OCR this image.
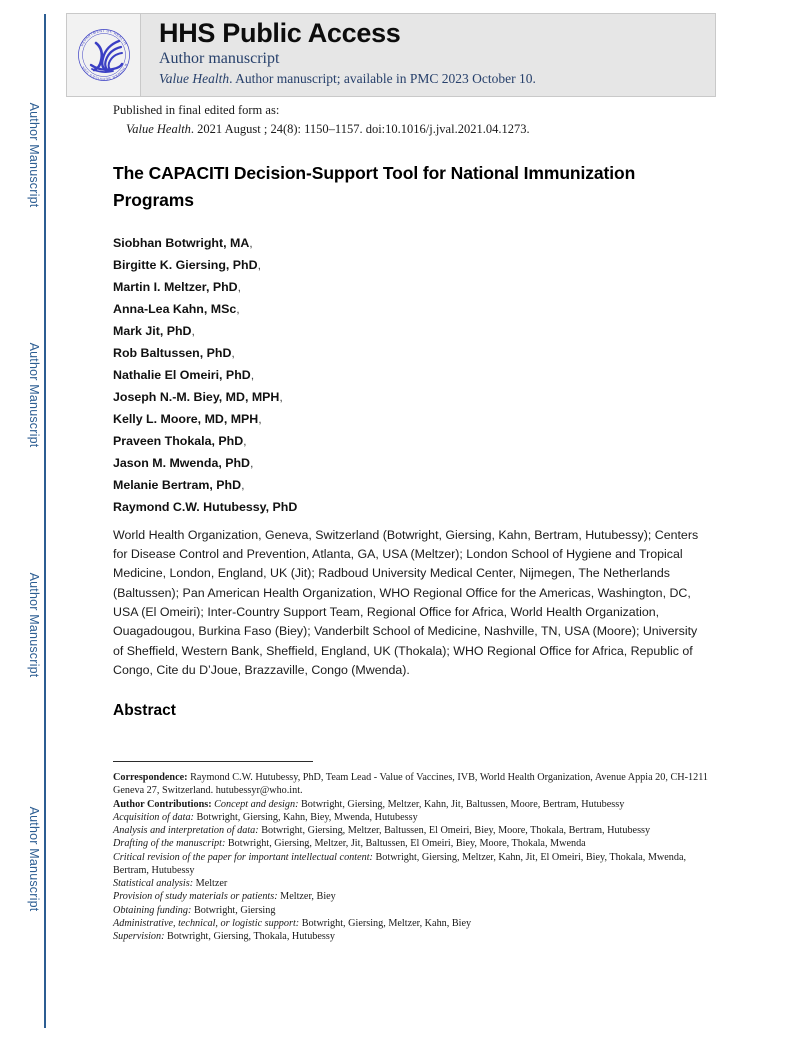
Author Manuscript
Author Manuscript
Author Manuscript
Author Manuscript
DEPARTMENT OF HEALTH
& HUMAN SERVICES USA
HHS Public Access
Author manuscript
Value Health. Author manuscript; available in PMC 2023 October 10.
Published in final edited form as:
Value Health. 2021 August ; 24(8): 1150–1157. doi:10.1016/j.jval.2021.04.1273.
The CAPACITI Decision-Support Tool for National Immunization Programs
Siobhan Botwright, MA,
Birgitte K. Giersing, PhD,
Martin I. Meltzer, PhD,
Anna-Lea Kahn, MSc,
Mark Jit, PhD,
Rob Baltussen, PhD,
Nathalie El Omeiri, PhD,
Joseph N.-M. Biey, MD, MPH,
Kelly L. Moore, MD, MPH,
Praveen Thokala, PhD,
Jason M. Mwenda, PhD,
Melanie Bertram, PhD,
Raymond C.W. Hutubessy, PhD
World Health Organization, Geneva, Switzerland (Botwright, Giersing, Kahn, Bertram, Hutubessy); Centers for Disease Control and Prevention, Atlanta, GA, USA (Meltzer); London School of Hygiene and Tropical Medicine, London, England, UK (Jit); Radboud University Medical Center, Nijmegen, The Netherlands (Baltussen); Pan American Health Organization, WHO Regional Office for the Americas, Washington, DC, USA (El Omeiri); Inter-Country Support Team, Regional Office for Africa, World Health Organization, Ouagadougou, Burkina Faso (Biey); Vanderbilt School of Medicine, Nashville, TN, USA (Moore); University of Sheffield, Western Bank, Sheffield, England, UK (Thokala); WHO Regional Office for Africa, Republic of Congo, Cite du D’Joue, Brazzaville, Congo (Mwenda).
Abstract
Correspondence: Raymond C.W. Hutubessy, PhD, Team Lead - Value of Vaccines, IVB, World Health Organization, Avenue Appia 20, CH-1211 Geneva 27, Switzerland. hutubessyr@who.int.
Author Contributions: Concept and design: Botwright, Giersing, Meltzer, Kahn, Jit, Baltussen, Moore, Bertram, Hutubessy
Acquisition of data: Botwright, Giersing, Kahn, Biey, Mwenda, Hutubessy
Analysis and interpretation of data: Botwright, Giersing, Meltzer, Baltussen, El Omeiri, Biey, Moore, Thokala, Bertram, Hutubessy
Drafting of the manuscript: Botwright, Giersing, Meltzer, Jit, Baltussen, El Omeiri, Biey, Moore, Thokala, Mwenda
Critical revision of the paper for important intellectual content: Botwright, Giersing, Meltzer, Kahn, Jit, El Omeiri, Biey, Thokala, Mwenda, Bertram, Hutubessy
Statistical analysis: Meltzer
Provision of study materials or patients: Meltzer, Biey
Obtaining funding: Botwright, Giersing
Administrative, technical, or logistic support: Botwright, Giersing, Meltzer, Kahn, Biey
Supervision: Botwright, Giersing, Thokala, Hutubessy
